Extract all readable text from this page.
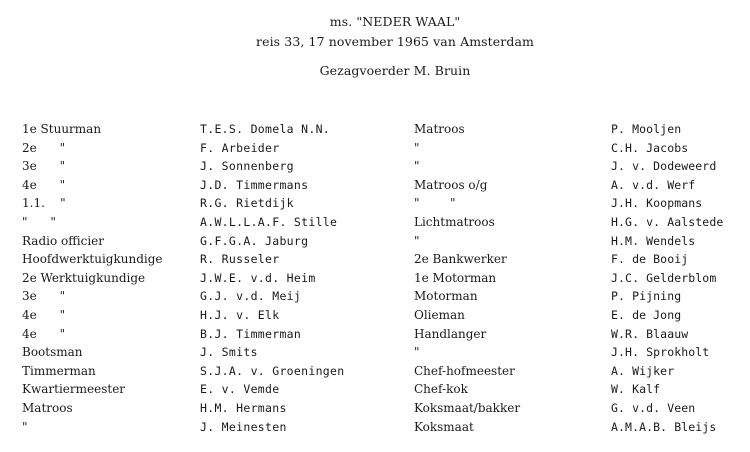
ms. "NEDER WAAL"
reis 33, 17 november 1965 van Amsterdam
Gezagvoerder M. Bruin
1e Stuurman	T.E.S. Domela N.N.	Matroos	P. Mooljen
2e      "	F. Arbeider	"	C.H. Jacobs
3e      "	J. Sonnenberg	"	J. v. Dodeweerd
4e      "	J.D. Timmermans	Matroos o/g	A. v.d. Werf
1.1.    "	R.G. Rietdijk	"        "	J.H. Koopmans
"      "	A.W.L.L.A.F. Stille	Lichtmatroos	H.G. v. Aalstede
Radio officier	G.F.G.A. Jaburg	"	H.M. Wendels
Hoofdwerktuigkundige	R. Russeler	2e Bankwerker	F. de Booij
2e Werktuigkundige	J.W.E. v.d. Heim	1e Motorman	J.C. Gelderblom
3e      "	G.J. v.d. Meij	Motorman	P. Pijning
4e      "	H.J. v. Elk	Olieman	E. de Jong
4e      "	B.J. Timmerman	Handlanger	W.R. Blaauw
Bootsman	J. Smits	"	J.H. Sprokholt
Timmerman	S.J.A. v. Groeningen	Chef-hofmeester	A. Wijker
Kwartiermeester	E. v. Vemde	Chef-kok	W. Kalf
Matroos	H.M. Hermans	Koksmaat/bakker	G. v.d. Veen
"	J. Meinesten	Koksmaat	A.M.A.B. Bleijs
